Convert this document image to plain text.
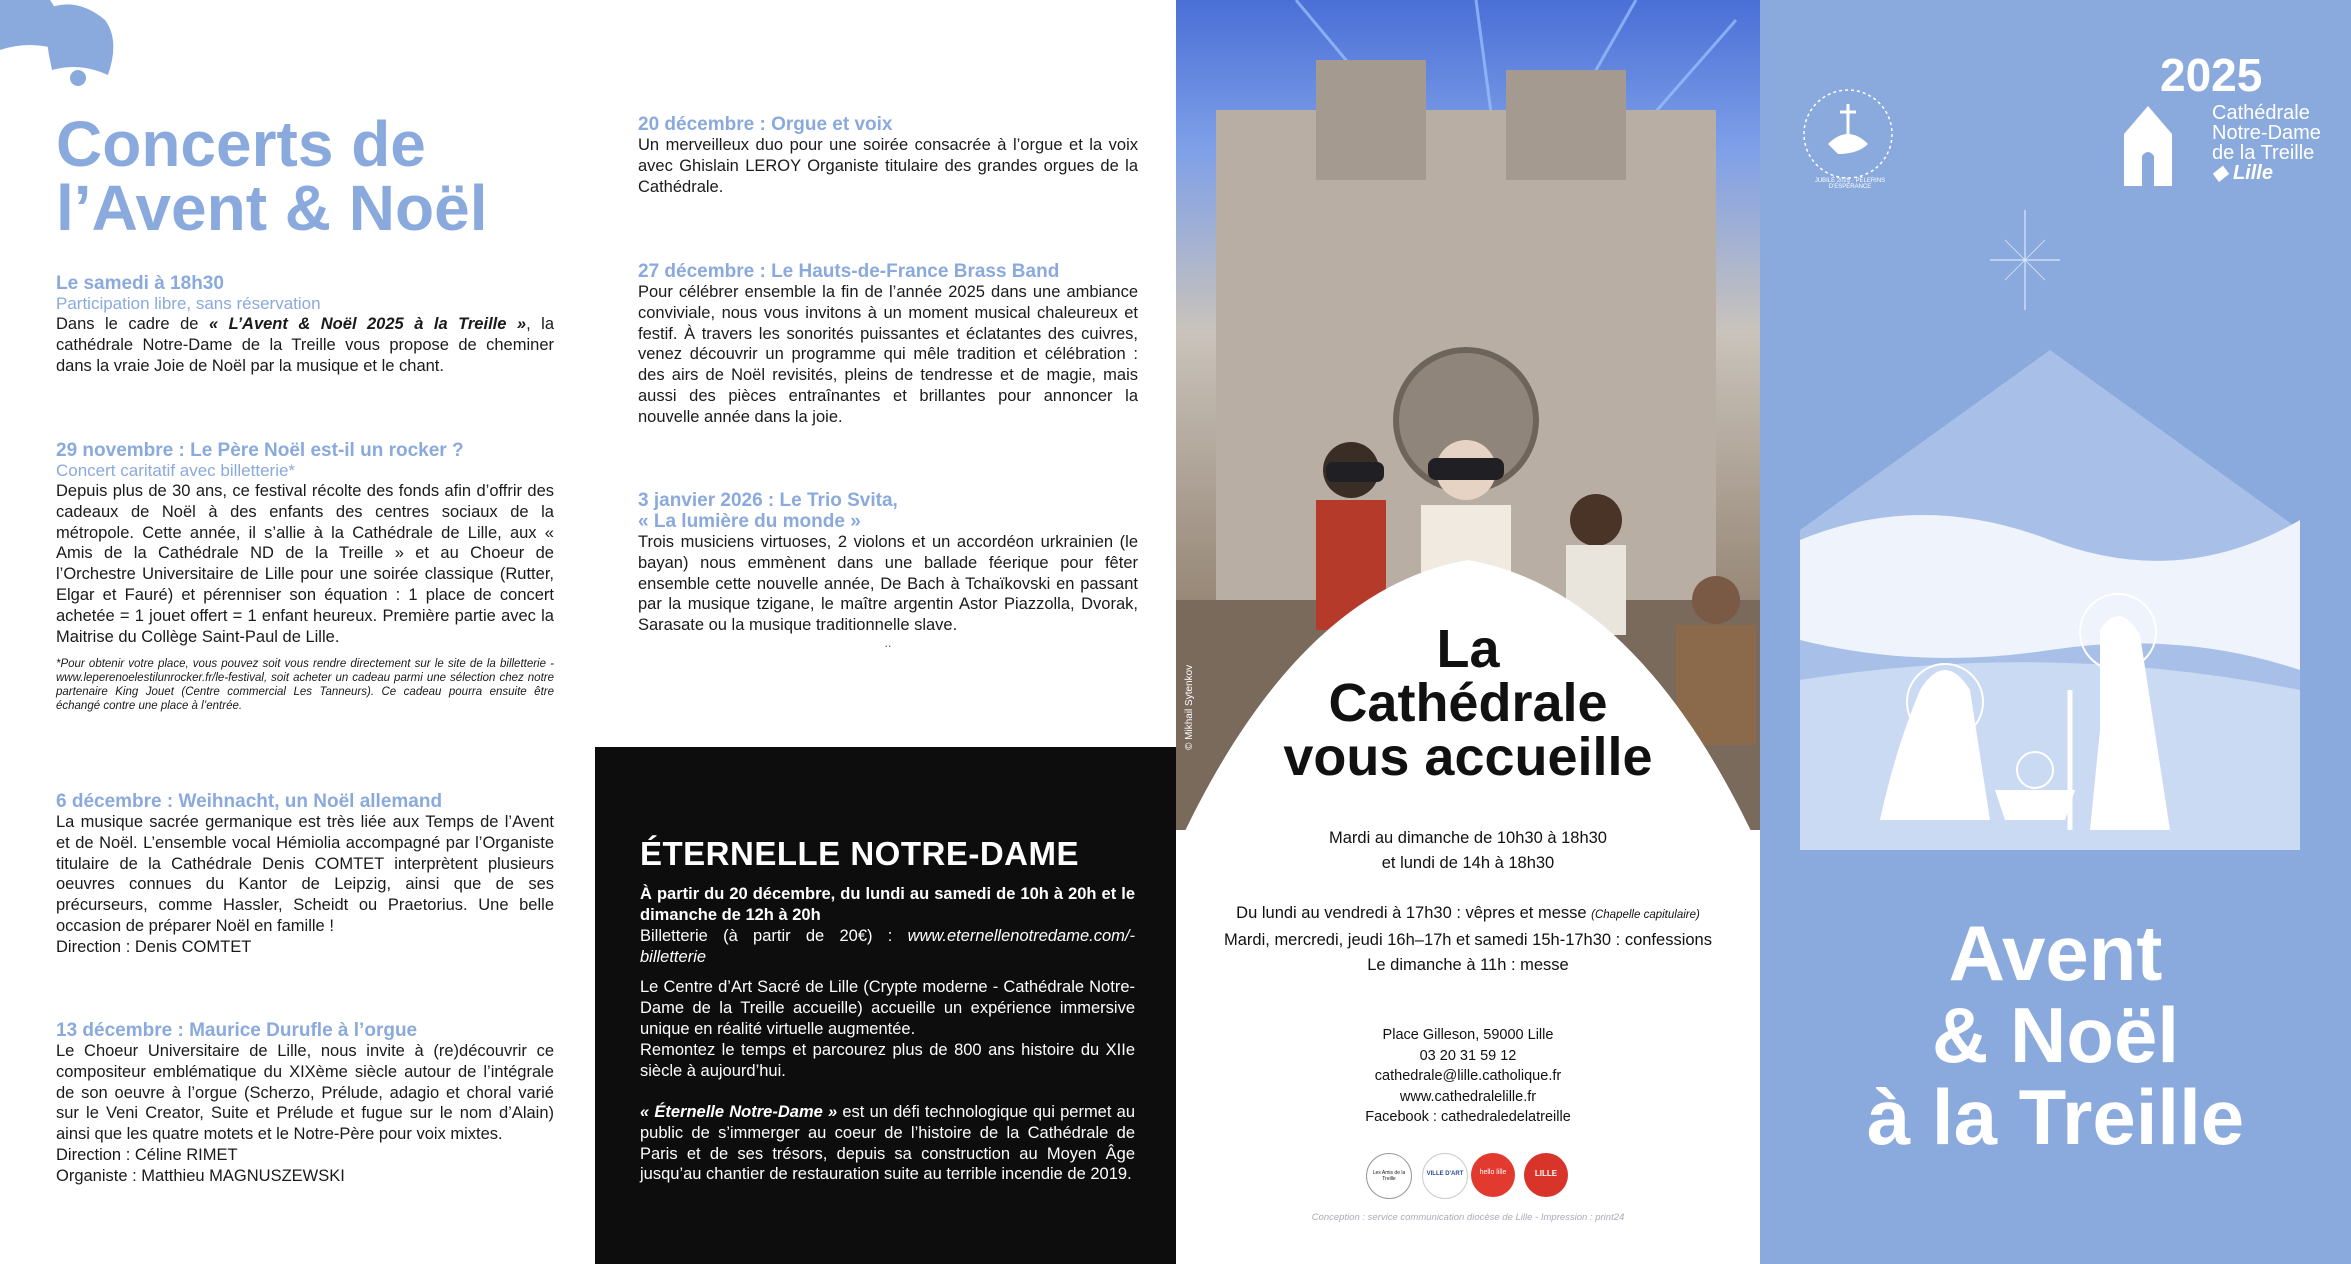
Concerts de
l’Avent & Noël
Le samedi à 18h30
Participation libre, sans réservation
Dans le cadre de « L’Avent & Noël 2025 à la Treille », la cathédrale Notre-Dame de la Treille vous propose de cheminer dans la vraie Joie de Noël par la musique et le chant.
29 novembre : Le Père Noël est-il un rocker ?
Concert caritatif avec billetterie*
Depuis plus de 30 ans, ce festival récolte des fonds afin d’offrir des cadeaux de Noël à des enfants des centres sociaux de la métropole. Cette année, il s’allie à la Cathédrale de Lille, aux « Amis de la Cathédrale ND de la Treille » et au Choeur de l’Orchestre Universitaire de Lille pour une soirée classique (Rutter, Elgar et Fauré) et pérenniser son équation : 1 place de concert achetée = 1 jouet offert = 1 enfant heureux. Première partie avec la Maitrise du Collège Saint-Paul de Lille.
*Pour obtenir votre place, vous pouvez soit vous rendre directement sur le site de la billetterie - www.leperenoelestilunrocker.fr/le-festival, soit acheter un cadeau parmi une sélection chez notre partenaire King Jouet (Centre commercial Les Tanneurs). Ce cadeau pourra ensuite être échangé contre une place à l’entrée.
6 décembre : Weihnacht, un Noël allemand
La musique sacrée germanique est très liée aux Temps de l’Avent et de Noël. L’ensemble vocal Hémiolia accompagné par l’Organiste titulaire de la Cathédrale Denis COMTET interprètent plusieurs oeuvres connues du Kantor de Leipzig, ainsi que de ses précurseurs, comme Hassler, Scheidt ou Praetorius. Une belle occasion de préparer Noël en famille !
Direction : Denis COMTET
13 décembre : Maurice Durufle à l’orgue
Le Choeur Universitaire de Lille, nous invite à (re)découvrir ce compositeur emblématique du XIXème siècle autour de l’intégrale de son oeuvre à l’orgue (Scherzo, Prélude, adagio et choral varié sur le Veni Creator, Suite et Prélude et fugue sur le nom d’Alain) ainsi que les quatre motets et le Notre-Père pour voix mixtes.
Direction : Céline RIMET
Organiste : Matthieu MAGNUSZEWSKI
20 décembre : Orgue et voix
Un merveilleux duo pour une soirée consacrée à l’orgue et la voix avec Ghislain LEROY Organiste titulaire des grandes orgues de la Cathédrale.
27 décembre : Le Hauts-de-France Brass Band
Pour célébrer ensemble la fin de l’année 2025 dans une ambiance conviviale, nous vous invitons à un moment musical chaleureux et festif. À travers les sonorités puissantes et éclatantes des cuivres, venez découvrir un programme qui mêle tradition et célébration : des airs de Noël revisités, pleins de tendresse et de magie, mais aussi des pièces entraînantes et brillantes pour annoncer la nouvelle année dans la joie.
3 janvier 2026 : Le Trio Svita,
« La lumière du monde »
Trois musiciens virtuoses, 2 violons et un accordéon urkrainien (le bayan) nous emmènent dans une ballade féerique pour fêter ensemble cette nouvelle année, De Bach à Tchaïkovski en passant par la musique tzigane, le maître argentin Astor Piazzolla, Dvorak, Sarasate ou la musique traditionnelle slave.
..
ÉTERNELLE NOTRE-DAME
À partir du 20 décembre, du lundi au samedi de 10h à 20h et le dimanche de 12h à 20h
Billetterie (à partir de 20€) : www.eternellenotredame.com/-billetterie
Le Centre d’Art Sacré de Lille (Crypte moderne - Cathédrale Notre-Dame de la Treille accueille) accueille un expérience immersive unique en réalité virtuelle augmentée.
Remontez le temps et parcourez plus de 800 ans histoire du XIIe siècle à aujourd’hui.
« Éternelle Notre-Dame » est un défi technologique qui permet au public de s’immerger au coeur de l’histoire de la Cathédrale de Paris et de ses trésors, depuis sa construction au Moyen Âge jusqu’au chantier de restauration suite au terrible incendie de 2019.
© Mikhail Sytenkov
La
Cathédrale
vous accueille
Mardi au dimanche de 10h30 à 18h30
et lundi de 14h à 18h30
Du lundi au vendredi à 17h30 : vêpres et messe (Chapelle capitulaire)
Mardi, mercredi, jeudi 16h–17h et samedi 15h-17h30 : confessions
Le dimanche à 11h : messe
Place Gilleson, 59000 Lille
03 20 31 59 12
cathedrale@lille.catholique.fr
www.cathedralelille.fr
Facebook : cathedraledelatreille
Les Amis de la Treille
VILLE D'ART	hello lille	LILLE
Conception : service communication diocèse de Lille - Impression : print24
JUBILÉ 2025 · PÈLERINS D'ESPÉRANCE
2025
Cathédrale
Notre-Dame
de la Treille
◆ Lille
Avent
& Noël
à la Treille
